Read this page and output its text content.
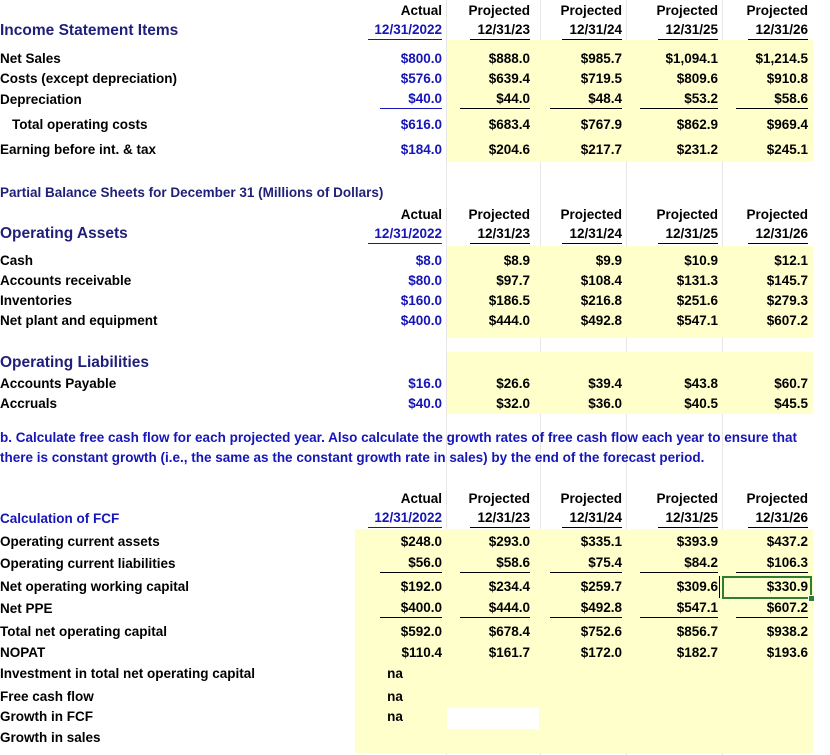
Income Statement Items
Actual	Projected	Projected	Projected	Projected
12/31/2022	12/31/23	12/31/24	12/31/25	12/31/26
Net Sales	$800.0	$888.0	$985.7	$1,094.1	$1,214.5
Costs (except depreciation)	$576.0	$639.4	$719.5	$809.6	$910.8
Depreciation	$40.0	$44.0	$48.4	$53.2	$58.6
Total operating costs	$616.0	$683.4	$767.9	$862.9	$969.4
Earning before int. & tax	$184.0	$204.6	$217.7	$231.2	$245.1
Partial Balance Sheets for December 31 (Millions of Dollars)
Operating Assets
Actual	Projected	Projected	Projected	Projected
12/31/2022	12/31/23	12/31/24	12/31/25	12/31/26
Cash	$8.0	$8.9	$9.9	$10.9	$12.1
Accounts receivable	$80.0	$97.7	$108.4	$131.3	$145.7
Inventories	$160.0	$186.5	$216.8	$251.6	$279.3
Net plant and equipment	$400.0	$444.0	$492.8	$547.1	$607.2
Operating Liabilities
Accounts Payable	$16.0	$26.6	$39.4	$43.8	$60.7
Accruals	$40.0	$32.0	$36.0	$40.5	$45.5
b. Calculate free cash flow for each projected year. Also calculate the growth rates of free cash flow each year to ensure that there is constant growth (i.e., the same as the constant growth rate in sales) by the end of the forecast period.
Calculation of FCF
Actual	Projected	Projected	Projected	Projected
12/31/2022	12/31/23	12/31/24	12/31/25	12/31/26
Operating current assets	$248.0	$293.0	$335.1	$393.9	$437.2
Operating current liabilities	$56.0	$58.6	$75.4	$84.2	$106.3
Net operating working capital	$192.0	$234.4	$259.7	$309.6	$330.9
Net PPE	$400.0	$444.0	$492.8	$547.1	$607.2
Total net operating capital	$592.0	$678.4	$752.6	$856.7	$938.2
NOPAT	$110.4	$161.7	$172.0	$182.7	$193.6
Investment in total net operating capital	na
Free cash flow	na
Growth in FCF	na
Growth in sales
